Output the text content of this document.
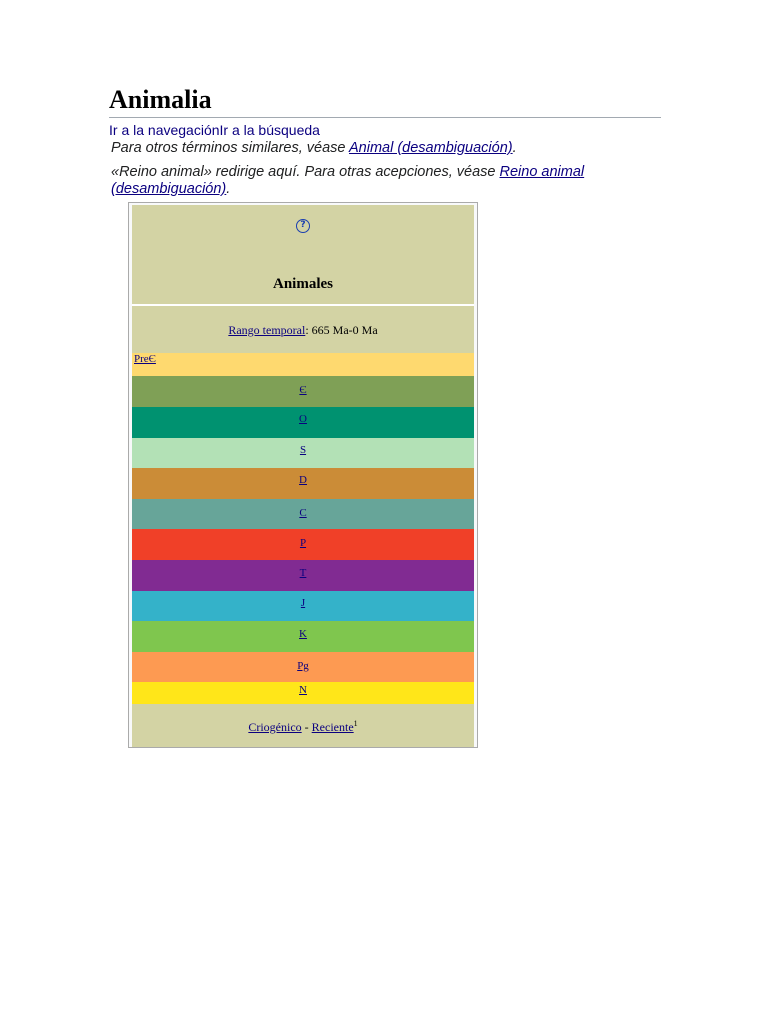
Animalia
Ir a la navegaciónIr a la búsqueda
Para otros términos similares, véase Animal (desambiguación).
«Reino animal» redirige aquí. Para otras acepciones, véase Reino animal (desambiguación).
?
Animales
Rango temporal: 665 Ma-0 Ma
PreЄ
Є
O
S
D
C
P
T
J
K
Pg
N
Criogénico - Reciente$^1$
